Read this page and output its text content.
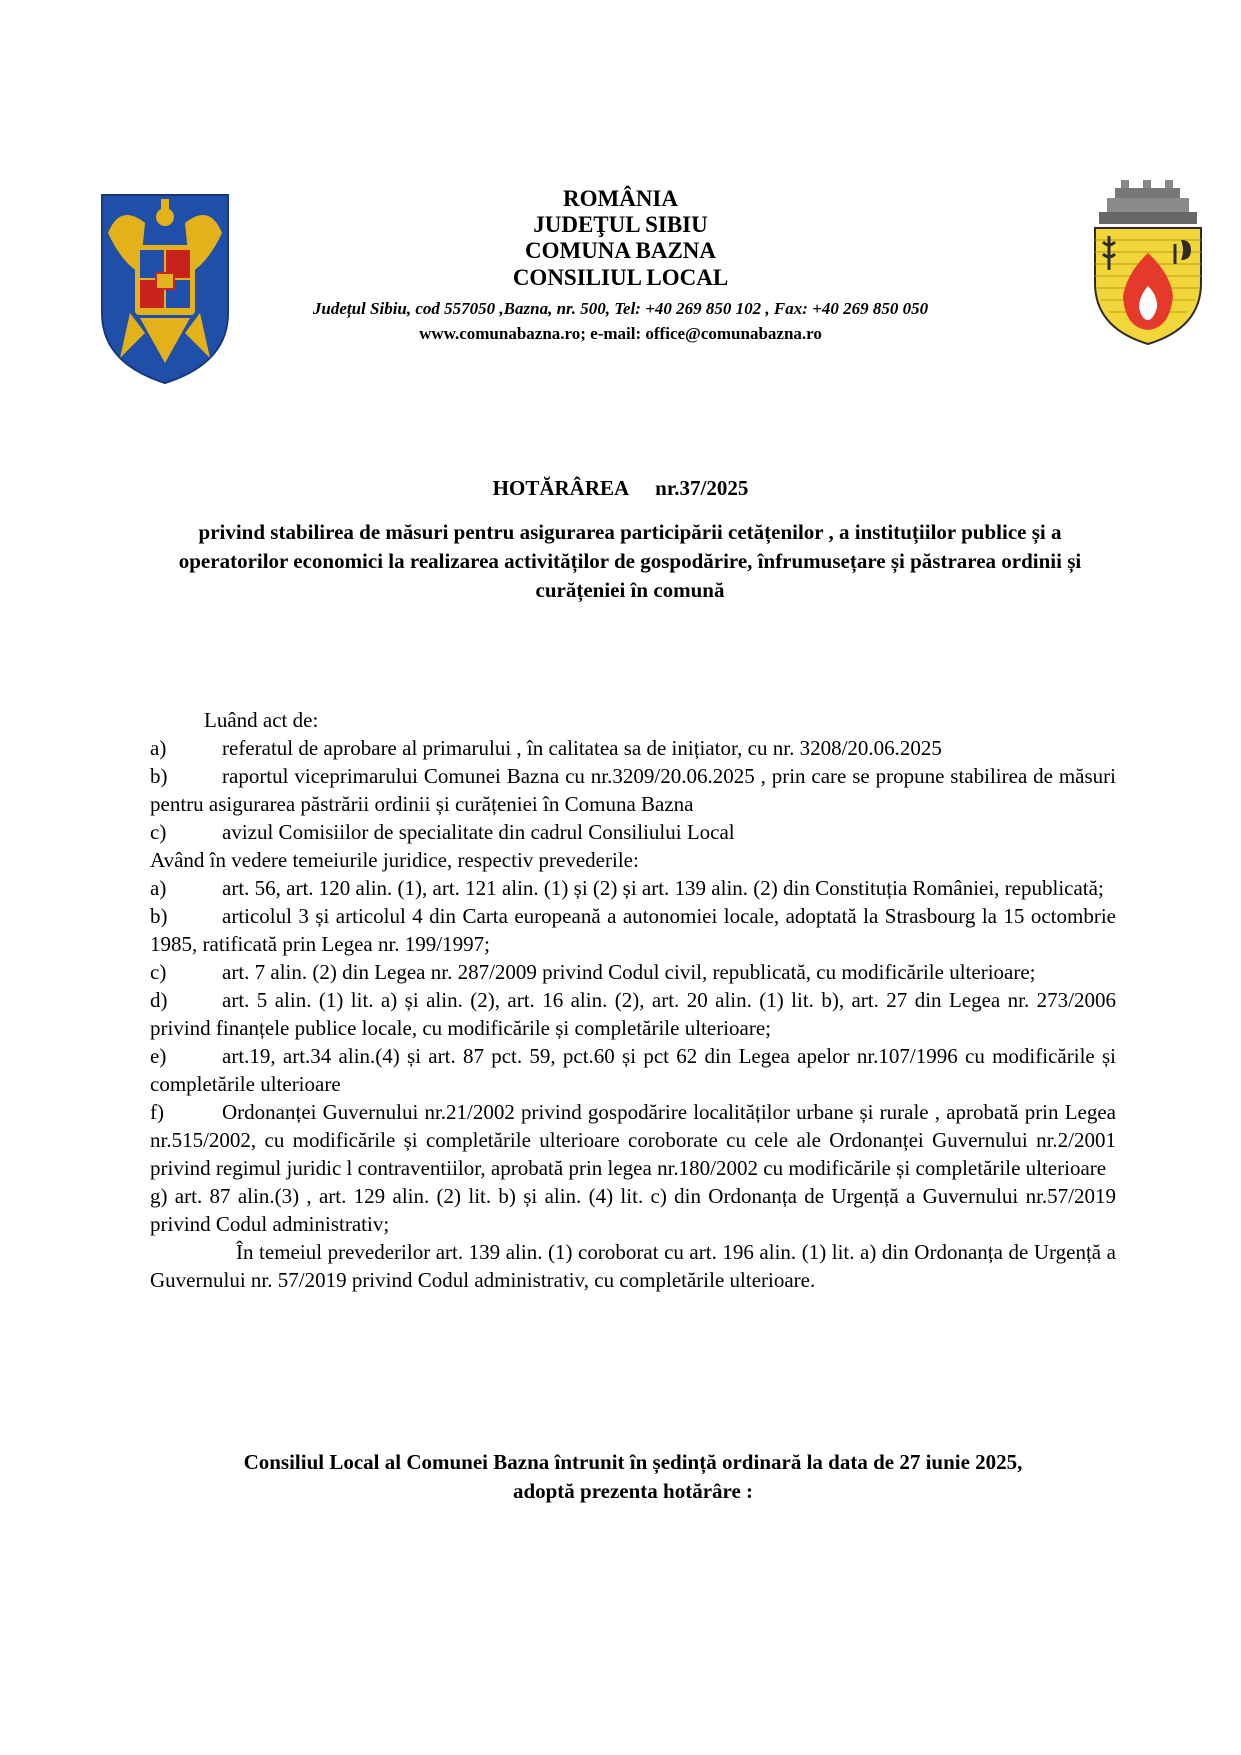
ROMÂNIA
JUDEŢUL SIBIU
COMUNA BAZNA
CONSILIUL LOCAL
Județul Sibiu, cod 557050 ,Bazna, nr. 500, Tel: +40 269 850 102 , Fax: +40 269 850 050
www.comunabazna.ro; e-mail: office@comunabazna.ro
HOTĂRÂREA nr.37/2025
privind stabilirea de măsuri pentru asigurarea participării cetățenilor , a instituțiilor publice și a operatorilor economici la realizarea activităților de gospodărire, înfrumusețare și păstrarea ordinii și curățeniei în comună

Luând act de:

a)	referatul de aprobare al primarului , în calitatea sa de inițiator, cu nr. 3208/20.06.2025

b)	raportul viceprimarului Comunei Bazna cu nr.3209/20.06.2025 , prin care se propune stabilirea de măsuri pentru asigurarea păstrării ordinii și curățeniei în Comuna Bazna

c)	avizul Comisiilor de specialitate din cadrul Consiliului Local

Având în vedere temeiurile juridice, respectiv prevederile:

a)	art. 56, art. 120 alin. (1), art. 121 alin. (1) și (2) și art. 139 alin. (2) din Constituția României, republicată;

b)	articolul 3 și articolul 4 din Carta europeană a autonomiei locale, adoptată la Strasbourg la 15 octombrie 1985, ratificată prin Legea nr. 199/1997;

c)	art. 7 alin. (2) din Legea nr. 287/2009 privind Codul civil, republicată, cu modificările ulterioare;

d)	art. 5 alin. (1) lit. a) și alin. (2), art. 16 alin. (2), art. 20 alin. (1) lit. b), art. 27 din Legea nr. 273/2006 privind finanțele publice locale, cu modificările și completările ulterioare;

e)	art.19, art.34 alin.(4) și art. 87 pct. 59, pct.60 și pct 62 din Legea apelor nr.107/1996 cu modificările și completările ulterioare

f)	Ordonanței Guvernului nr.21/2002 privind gospodărire localităților urbane și rurale , aprobată prin Legea nr.515/2002, cu modificările și completările ulterioare coroborate cu cele ale Ordonanței Guvernului nr.2/2001 privind regimul juridic l contraventiilor, aprobată prin legea nr.180/2002 cu modificările și completările ulterioare

g) art. 87 alin.(3) , art. 129 alin. (2) lit. b) și alin. (4) lit. c) din Ordonanța de Urgență a Guvernului nr.57/2019 privind Codul administrativ;

În temeiul prevederilor art. 139 alin. (1) coroborat cu art. 196 alin. (1) lit. a) din Ordonanța de Urgență a Guvernului nr. 57/2019 privind Codul administrativ, cu completările ulterioare.

Consiliul Local al Comunei Bazna întrunit în ședință ordinară la data de 27 iunie 2025,
adoptă prezenta hotărâre :
